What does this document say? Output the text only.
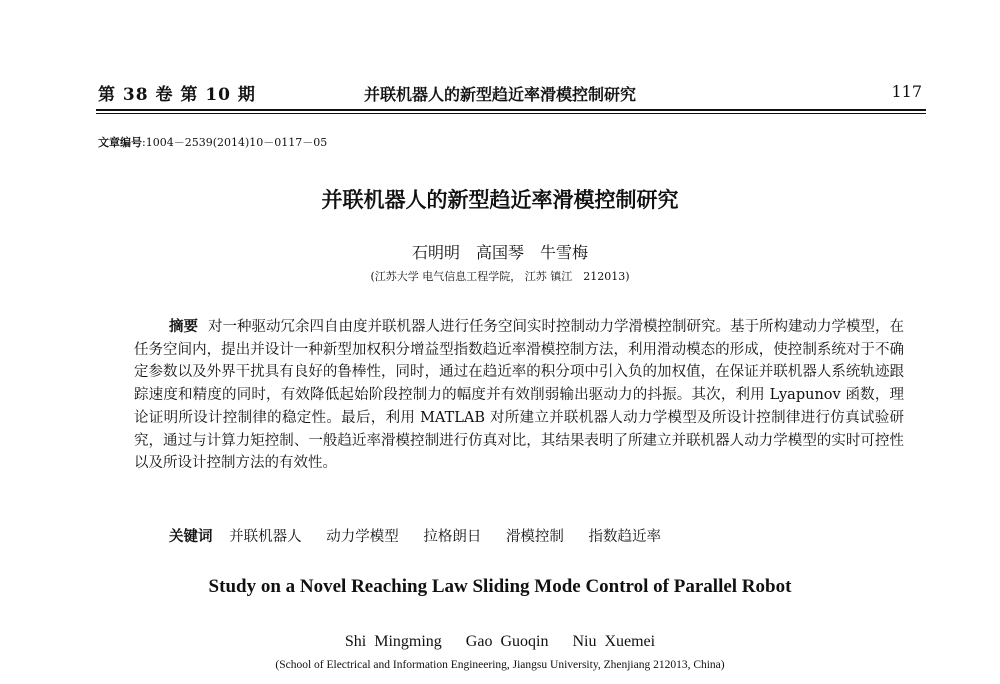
第 38 卷 第 10 期	并联机器人的新型趋近率滑模控制研究	117
文章编号:1004－2539(2014)10－0117－05
并联机器人的新型趋近率滑模控制研究
石明明　高国琴　牛雪梅
(江苏大学 电气信息工程学院， 江苏 镇江　212013)
摘要 对一种驱动冗余四自由度并联机器人进行任务空间实时控制动力学滑模控制研究。基于所构建动力学模型，在任务空间内，提出并设计一种新型加权积分增益型指数趋近率滑模控制方法，利用滑动模态的形成，使控制系统对于不确定参数以及外界干扰具有良好的鲁棒性，同时，通过在趋近率的积分项中引入负的加权值，在保证并联机器人系统轨迹跟踪速度和精度的同时，有效降低起始阶段控制力的幅度并有效削弱输出驱动力的抖振。其次，利用 Lyapunov 函数，理论证明所设计控制律的稳定性。最后，利用 MATLAB 对所建立并联机器人动力学模型及所设计控制律进行仿真试验研究，通过与计算力矩控制、一般趋近率滑模控制进行仿真对比，其结果表明了所建立并联机器人动力学模型的实时可控性以及所设计控制方法的有效性。
关键词 并联机器人 动力学模型 拉格朗日 滑模控制 指数趋近率
Study on a Novel Reaching Law Sliding Mode Control of Parallel Robot
Shi Mingming Gao Guoqin Niu Xuemei
(School of Electrical and Information Engineering, Jiangsu University, Zhenjiang 212013, China)
